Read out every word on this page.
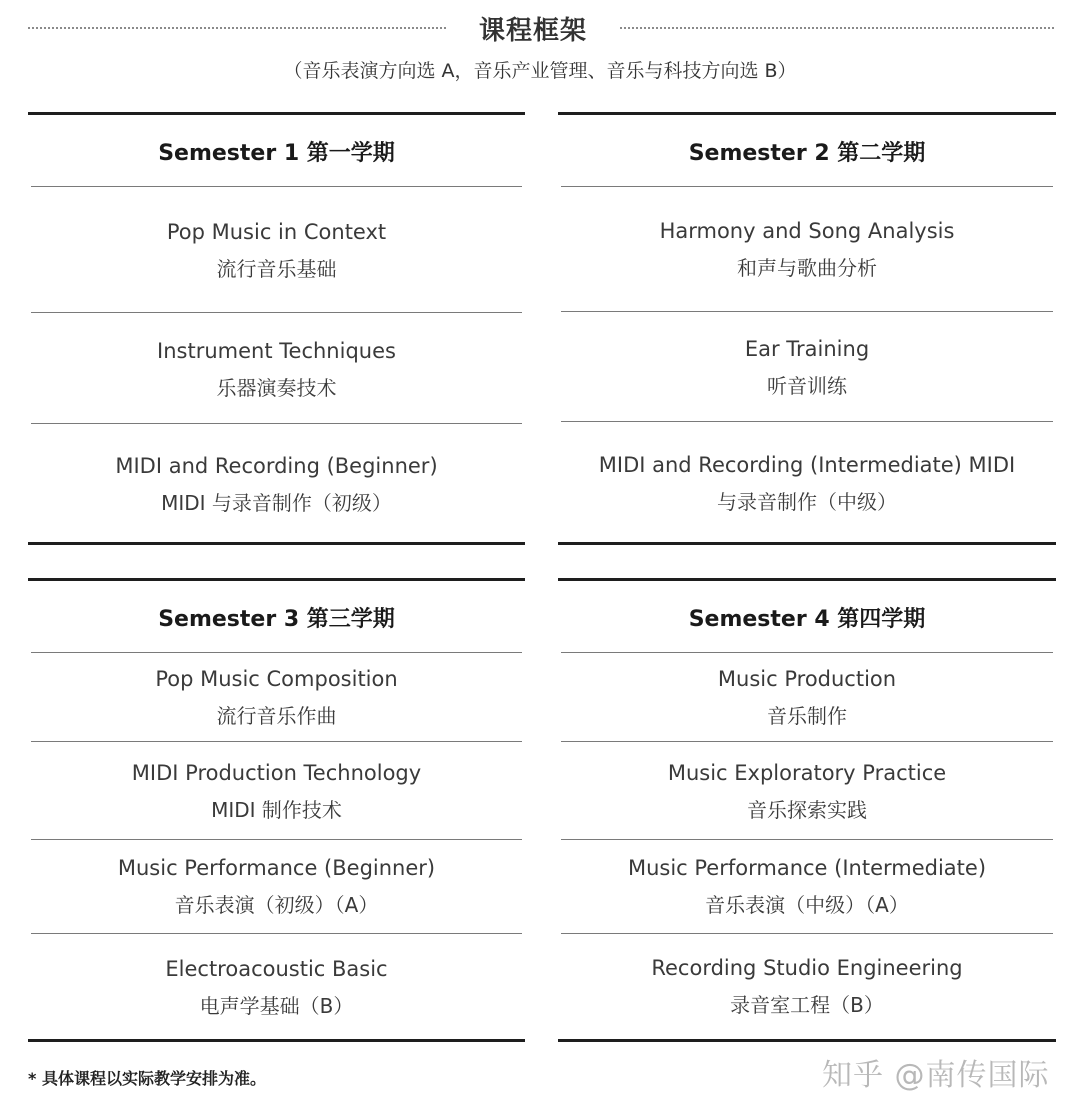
课程框架
（音乐表演方向选 A，音乐产业管理、音乐与科技方向选 B）
Semester 1 第一学期
Pop Music in Context
流行音乐基础
Instrument Techniques
乐器演奏技术
MIDI and Recording (Beginner)
MIDI 与录音制作（初级）
Semester 2 第二学期
Harmony and Song Analysis
和声与歌曲分析
Ear Training
听音训练
MIDI and Recording (Intermediate) MIDI
与录音制作（中级）
Semester 3 第三学期
Pop Music Composition
流行音乐作曲
MIDI Production Technology
MIDI 制作技术
Music Performance (Beginner)
音乐表演（初级）（A）
Electroacoustic Basic
电声学基础（B）
Semester 4 第四学期
Music Production
音乐制作
Music Exploratory Practice
音乐探索实践
Music Performance (Intermediate)
音乐表演（中级）（A）
Recording Studio Engineering
录音室工程（B）
* 具体课程以实际教学安排为准。	知乎 @南传国际
